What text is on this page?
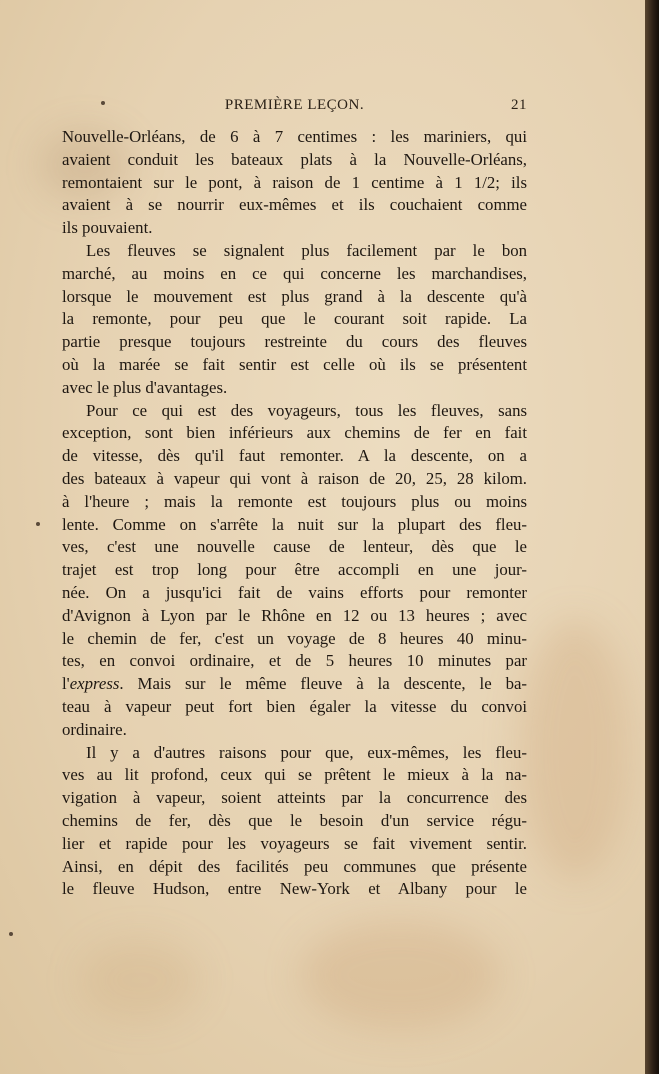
PREMIÈRE LEÇON.	21
Nouvelle-Orléans, de 6 à 7 centimes : les mariniers, qui
avaient conduit les bateaux plats à la Nouvelle-Orléans,
remontaient sur le pont, à raison de 1 centime à 1 1/2; ils
avaient à se nourrir eux-mêmes et ils couchaient comme
ils pouvaient.
Les fleuves se signalent plus facilement par le bon
marché, au moins en ce qui concerne les marchandises,
lorsque le mouvement est plus grand à la descente qu'à
la remonte, pour peu que le courant soit rapide. La
partie presque toujours restreinte du cours des fleuves
où la marée se fait sentir est celle où ils se présentent
avec le plus d'avantages.
Pour ce qui est des voyageurs, tous les fleuves, sans
exception, sont bien inférieurs aux chemins de fer en fait
de vitesse, dès qu'il faut remonter. A la descente, on a
des bateaux à vapeur qui vont à raison de 20, 25, 28 kilom.
à l'heure ; mais la remonte est toujours plus ou moins
lente. Comme on s'arrête la nuit sur la plupart des fleu-
ves, c'est une nouvelle cause de lenteur, dès que le
trajet est trop long pour être accompli en une jour-
née. On a jusqu'ici fait de vains efforts pour remonter
d'Avignon à Lyon par le Rhône en 12 ou 13 heures ; avec
le chemin de fer, c'est un voyage de 8 heures 40 minu-
tes, en convoi ordinaire, et de 5 heures 10 minutes par
l'express. Mais sur le même fleuve à la descente, le ba-
teau à vapeur peut fort bien égaler la vitesse du convoi
ordinaire.
Il y a d'autres raisons pour que, eux-mêmes, les fleu-
ves au lit profond, ceux qui se prêtent le mieux à la na-
vigation à vapeur, soient atteints par la concurrence des
chemins de fer, dès que le besoin d'un service régu-
lier et rapide pour les voyageurs se fait vivement sentir.
Ainsi, en dépit des facilités peu communes que présente
le fleuve Hudson, entre New-York et Albany pour le
